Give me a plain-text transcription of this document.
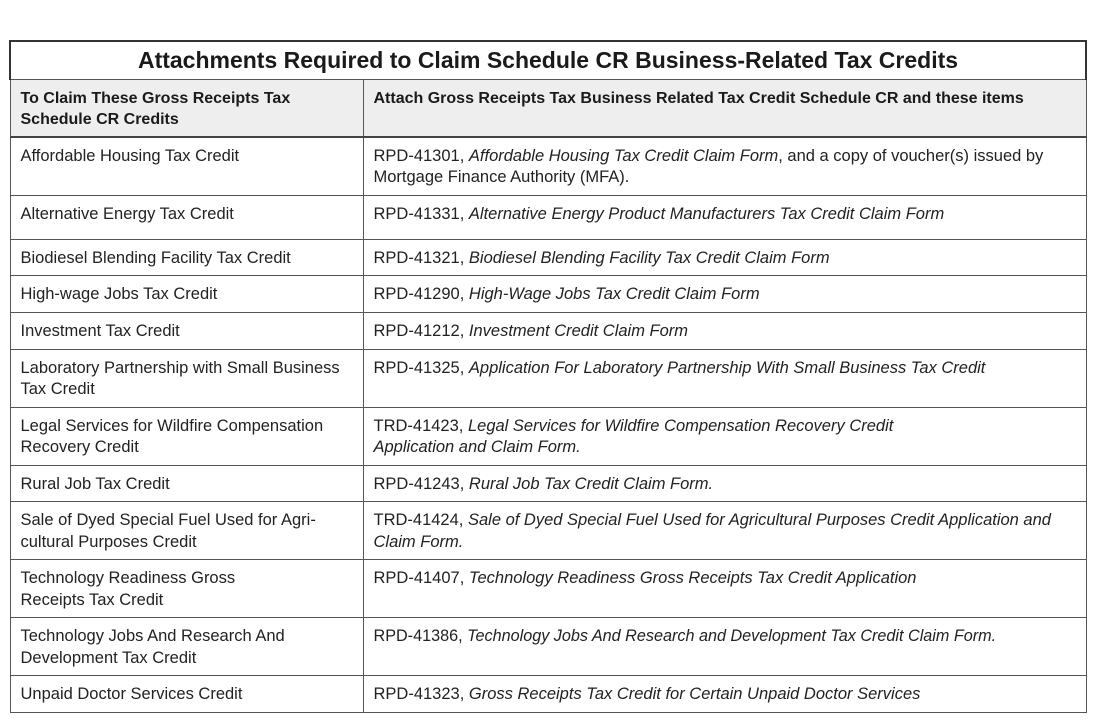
Attachments Required to Claim Schedule CR Business-Related Tax Credits	
To Claim These Gross Receipts Tax Schedule CR Credits	Attach Gross Receipts Tax Business Related Tax Credit Schedule CR and these items
Affordable Housing Tax Credit	RPD-41301, Affordable Housing Tax Credit Claim Form, and a copy of voucher(s) issued by Mortgage Finance Authority (MFA).
Alternative Energy Tax Credit	RPD-41331, Alternative Energy Product Manufacturers Tax Credit Claim Form
Biodiesel Blending Facility Tax Credit	RPD-41321, Biodiesel Blending Facility Tax Credit Claim Form
High-wage Jobs Tax Credit	RPD-41290, High-Wage Jobs Tax Credit Claim Form
Investment Tax Credit	RPD-41212, Investment Credit Claim Form
Laboratory Partnership with Small Business Tax Credit	RPD-41325, Application For Laboratory Partnership With Small Business Tax Credit
Legal Services for Wildfire Compensation Recovery Credit	TRD-41423, Legal Services for Wildfire Compensation Recovery Credit Application and Claim Form.
Rural Job Tax Credit	RPD-41243, Rural Job Tax Credit Claim Form.
Sale of Dyed Special Fuel Used for Agricultural Purposes Credit	TRD-41424, Sale of Dyed Special Fuel Used for Agricultural Purposes Credit Application and Claim Form.
Technology Readiness Gross Receipts Tax Credit	RPD-41407, Technology Readiness Gross Receipts Tax Credit Application
Technology Jobs And Research And Development Tax Credit	RPD-41386, Technology Jobs And Research and Development Tax Credit Claim Form.
Unpaid Doctor Services Credit	RPD-41323, Gross Receipts Tax Credit for Certain Unpaid Doctor Services
